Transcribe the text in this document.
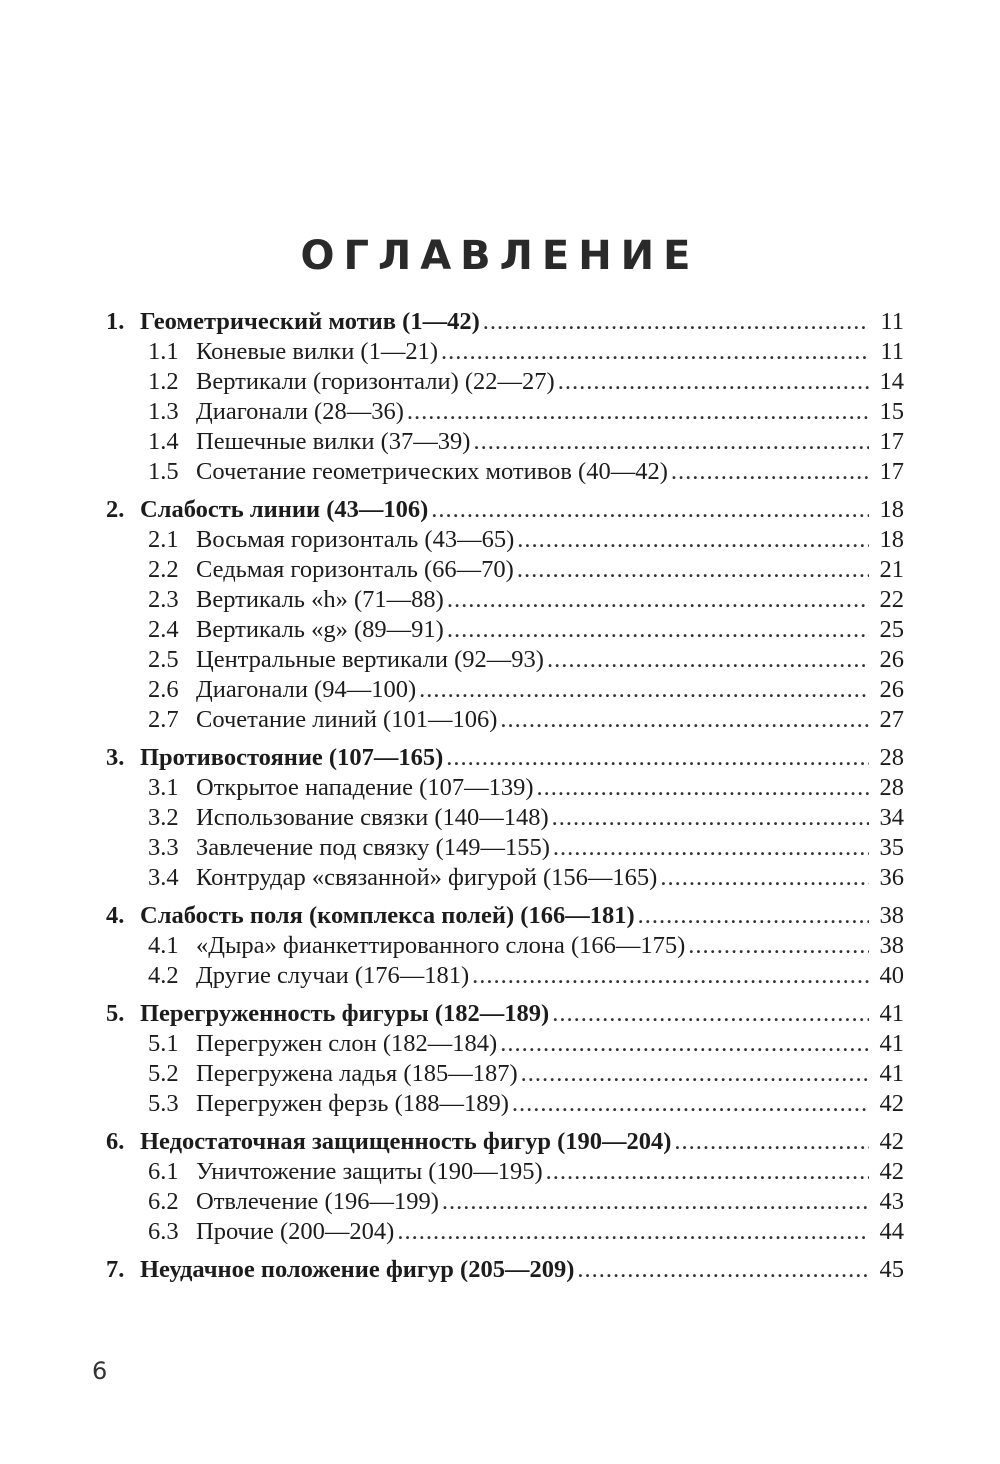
ОГЛАВЛЕНИЕ
1. Геометрический мотив (1—42) .....	11
1.1 Коневые вилки (1—21) .....	11
1.2 Вертикали (горизонтали) (22—27) .....	14
1.3 Диагонали (28—36) .....	15
1.4 Пешечные вилки (37—39) .....	17
1.5 Сочетание геометрических мотивов (40—42) .....	17
2. Слабость линии (43—106) .....	18
2.1 Восьмая горизонталь (43—65) .....	18
2.2 Седьмая горизонталь (66—70) .....	21
2.3 Вертикаль «h» (71—88) .....	22
2.4 Вертикаль «g» (89—91) .....	25
2.5 Центральные вертикали (92—93) .....	26
2.6 Диагонали (94—100) .....	26
2.7 Сочетание линий (101—106) .....	27
3. Противостояние (107—165) .....	28
3.1 Открытое нападение (107—139) .....	28
3.2 Использование связки (140—148) .....	34
3.3 Завлечение под связку (149—155) .....	35
3.4 Контрудар «связанной» фигурой (156—165) .....	36
4. Слабость поля (комплекса полей) (166—181) .....	38
4.1 «Дыра» фианкеттированного слона (166—175) .....	38
4.2 Другие случаи (176—181) .....	40
5. Перегруженность фигуры (182—189) .....	41
5.1 Перегружен слон (182—184) .....	41
5.2 Перегружена ладья (185—187) .....	41
5.3 Перегружен ферзь (188—189) .....	42
6. Недостаточная защищенность фигур (190—204) .....	42
6.1 Уничтожение защиты (190—195) .....	42
6.2 Отвлечение (196—199) .....	43
6.3 Прочие (200—204) .....	44
7. Неудачное положение фигур (205—209) .....	45
6
